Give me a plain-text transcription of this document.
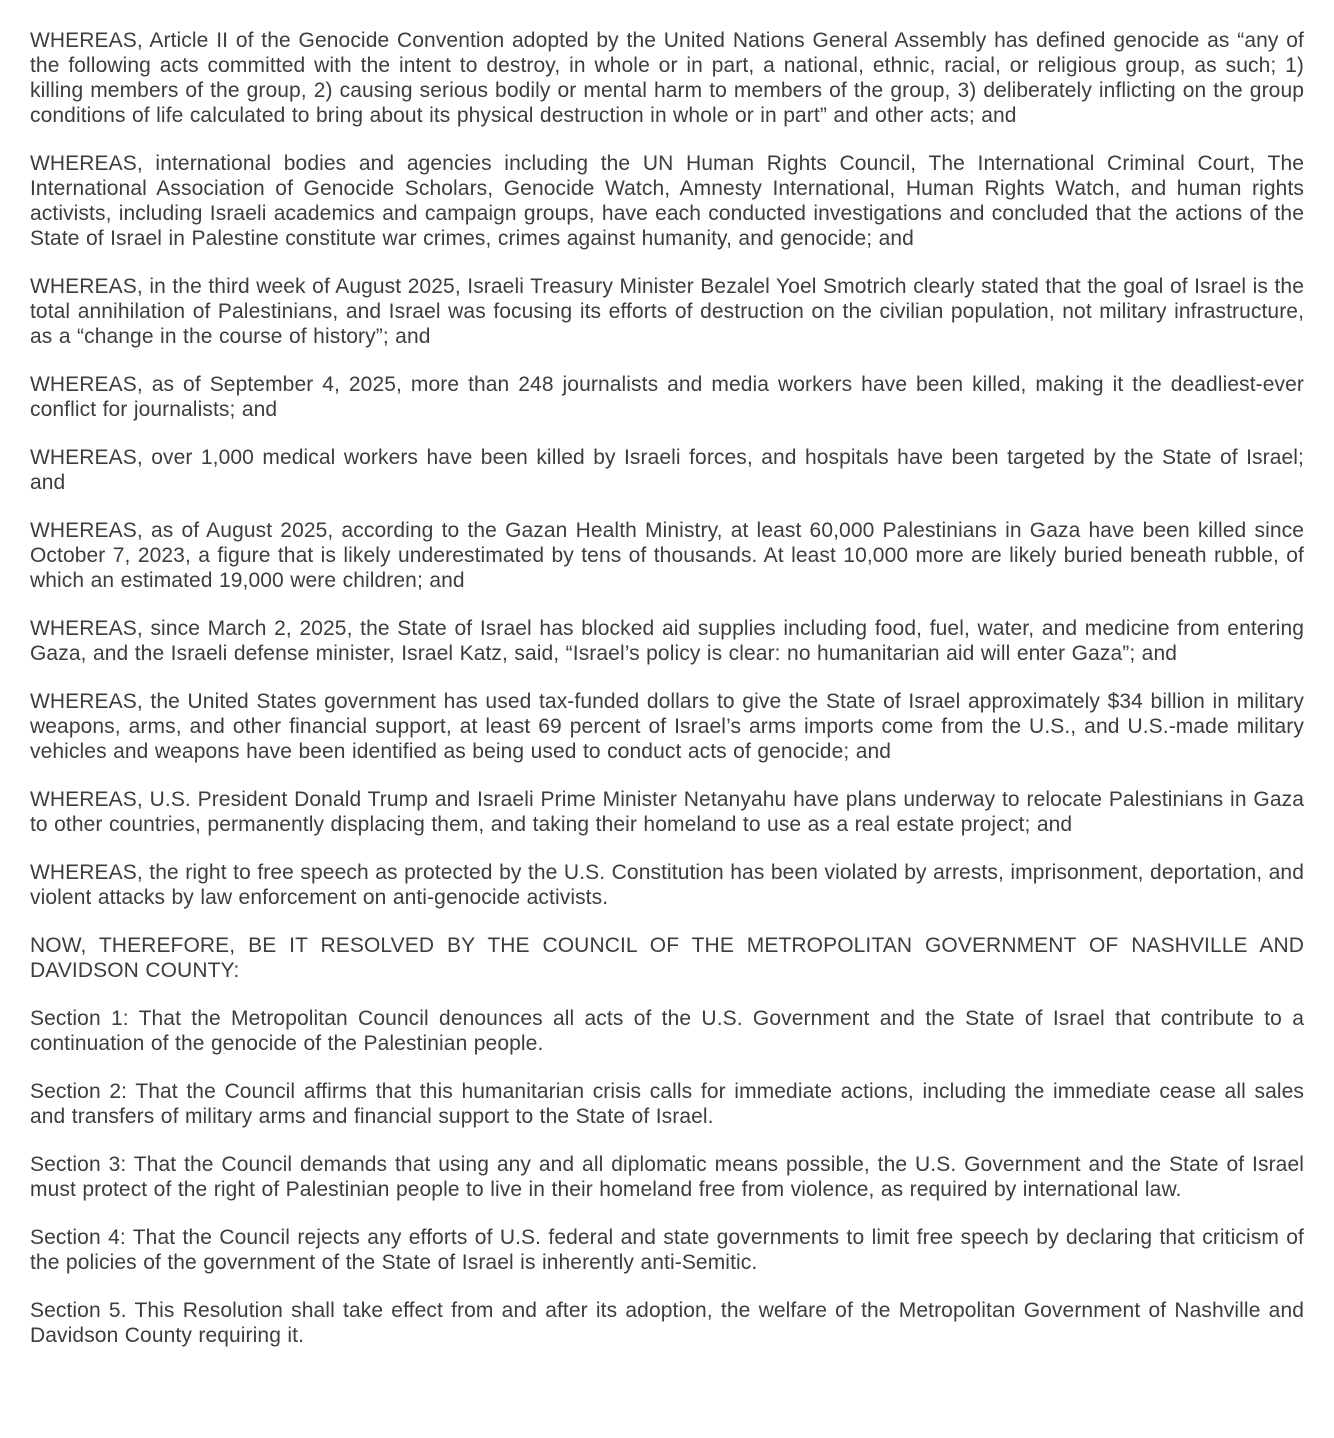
WHEREAS, Article II of the Genocide Convention adopted by the United Nations General Assembly has defined genocide as “any of the following acts committed with the intent to destroy, in whole or in part, a national, ethnic, racial, or religious group, as such; 1) killing members of the group, 2) causing serious bodily or mental harm to members of the group, 3) deliberately inflicting on the group conditions of life calculated to bring about its physical destruction in whole or in part” and other acts; and

WHEREAS, international bodies and agencies including the UN Human Rights Council, The International Criminal Court, The International Association of Genocide Scholars, Genocide Watch, Amnesty International, Human Rights Watch, and human rights activists, including Israeli academics and campaign groups, have each conducted investigations and concluded that the actions of the State of Israel in Palestine constitute war crimes, crimes against humanity, and genocide; and

WHEREAS, in the third week of August 2025, Israeli Treasury Minister Bezalel Yoel Smotrich clearly stated that the goal of Israel is the total annihilation of Palestinians, and Israel was focusing its efforts of destruction on the civilian population, not military infrastructure, as a “change in the course of history”; and

WHEREAS, as of September 4, 2025, more than 248 journalists and media workers have been killed, making it the deadliest-ever conflict for journalists; and

WHEREAS, over 1,000 medical workers have been killed by Israeli forces, and hospitals have been targeted by the State of Israel; and

WHEREAS, as of August 2025, according to the Gazan Health Ministry, at least 60,000 Palestinians in Gaza have been killed since October 7, 2023, a figure that is likely underestimated by tens of thousands. At least 10,000 more are likely buried beneath rubble, of which an estimated 19,000 were children; and

WHEREAS, since March 2, 2025, the State of Israel has blocked aid supplies including food, fuel, water, and medicine from entering Gaza, and the Israeli defense minister, Israel Katz, said, “Israel’s policy is clear: no humanitarian aid will enter Gaza”; and

WHEREAS, the United States government has used tax-funded dollars to give the State of Israel approximately $34 billion in military weapons, arms, and other financial support, at least 69 percent of Israel’s arms imports come from the U.S., and U.S.-made military vehicles and weapons have been identified as being used to conduct acts of genocide; and

WHEREAS, U.S. President Donald Trump and Israeli Prime Minister Netanyahu have plans underway to relocate Palestinians in Gaza to other countries, permanently displacing them, and taking their homeland to use as a real estate project; and

WHEREAS, the right to free speech as protected by the U.S. Constitution has been violated by arrests, imprisonment, deportation, and violent attacks by law enforcement on anti-genocide activists.

NOW, THEREFORE, BE IT RESOLVED BY THE COUNCIL OF THE METROPOLITAN GOVERNMENT OF NASHVILLE AND DAVIDSON COUNTY:

Section 1: That the Metropolitan Council denounces all acts of the U.S. Government and the State of Israel that contribute to a continuation of the genocide of the Palestinian people.

Section 2: That the Council affirms that this humanitarian crisis calls for immediate actions, including the immediate cease all sales and transfers of military arms and financial support to the State of Israel.

Section 3: That the Council demands that using any and all diplomatic means possible, the U.S. Government and the State of Israel must protect of the right of Palestinian people to live in their homeland free from violence, as required by international law.

Section 4: That the Council rejects any efforts of U.S. federal and state governments to limit free speech by declaring that criticism of the policies of the government of the State of Israel is inherently anti-Semitic.

Section 5. This Resolution shall take effect from and after its adoption, the welfare of the Metropolitan Government of Nashville and Davidson County requiring it.
